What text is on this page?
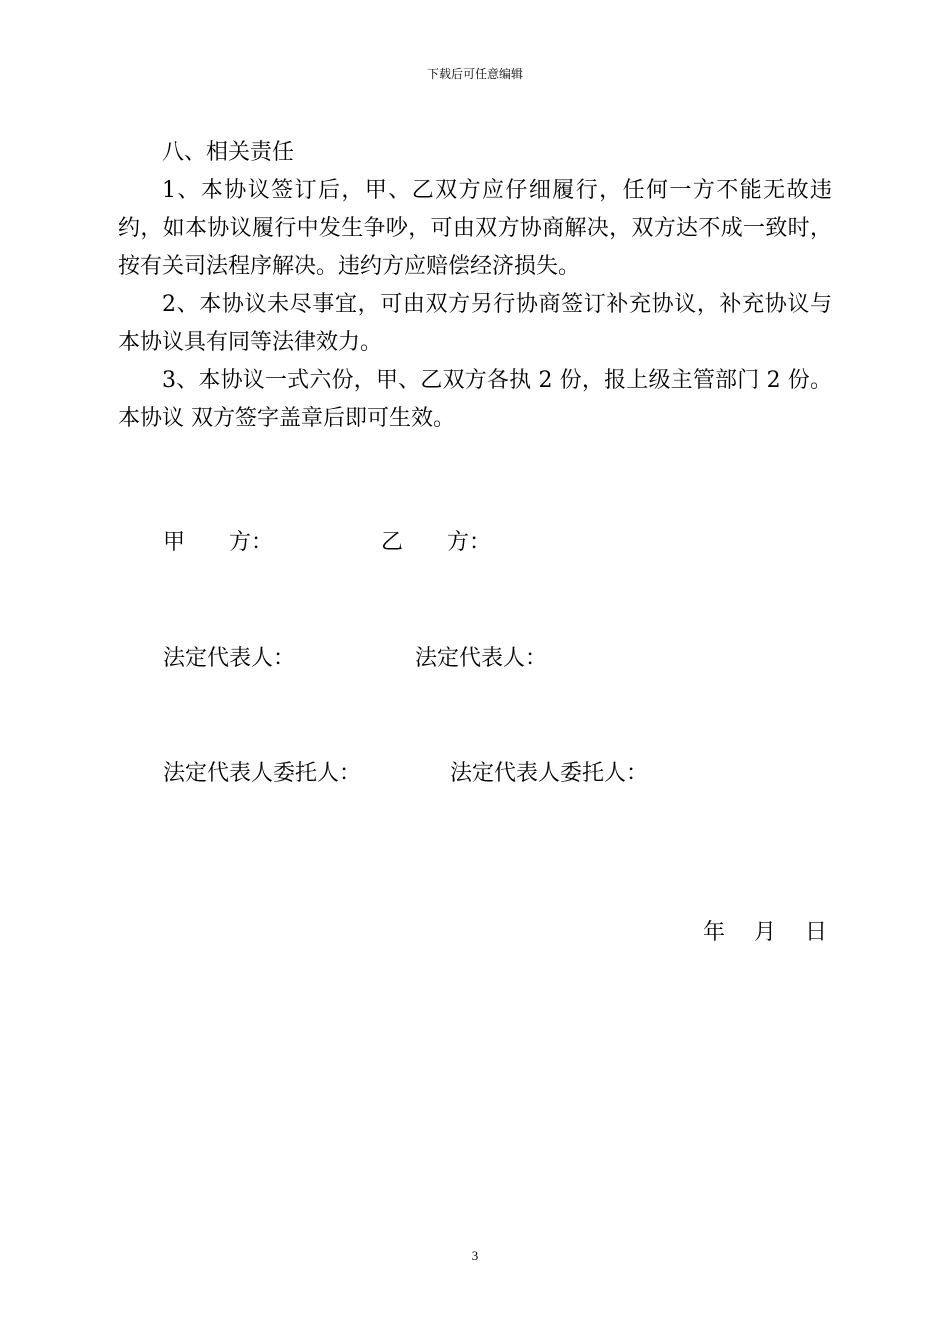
下载后可任意编辑

八、相关责任

1、本协议签订后，甲、乙双方应仔细履行，任何一方不能无故违约，如本协议履行中发生争吵，可由双方协商解决，双方达不成一致时，按有关司法程序解决。违约方应赔偿经济损失。

2、本协议未尽事宜，可由双方另行协商签订补充协议，补充协议与本协议具有同等法律效力。

3、本协议一式六份，甲、乙双方各执 2 份，报上级主管部门 2 份。本协议 双方签字盖章后即可生效。

甲　　方：	乙　　方：
法定代表人：	法定代表人：
法定代表人委托人：	法定代表人委托人：
年　 月　 日
3
